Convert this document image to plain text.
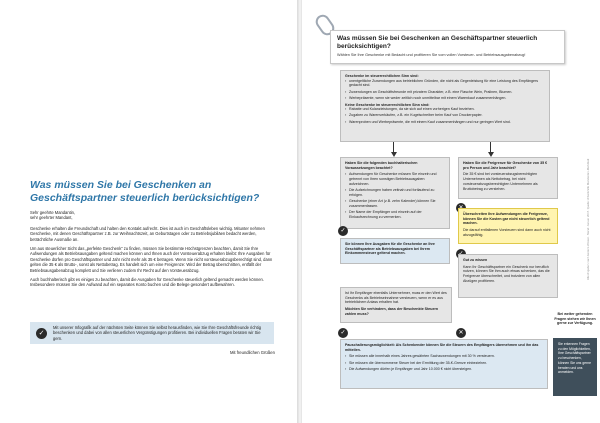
Was müssen Sie bei Geschenken an Geschäftspartner steuerlich berücksichtigen?

Sehr geehrte Mandantin,
sehr geehrter Mandant,

Geschenke erhalten die Freundschaft und halten den Kontakt aufrecht. Dies ist auch im Geschäftsleben wichtig. Mitunter nehmen Geschenke, mit denen Geschäftspartner z.B. zur Weihnachtszeit, an Geburtstagen oder zu Betriebsjubiläen bedacht werden, beträchtliche Ausmaße an.

Um aus steuerlicher Sicht das „perfekte Geschenk“ zu finden, müssen Sie bestimmte Höchstgrenzen beachten, damit Sie Ihre Aufwendungen als Betriebsausgaben geltend machen können und Ihnen auch der Vorsteuerabzug erhalten bleibt: Ihre Ausgaben für Geschenke dürfen pro Geschäftspartner und Jahr nicht mehr als 35 € betragen. Wenn Sie nicht vorsteuerabzugsberechtigt sind, dann gelten die 35 € als Brutto-, sonst als Nettobetrag. Es handelt sich um eine Freigrenze: Wird der Betrag überschritten, entfällt der Betriebsausgabenabzug komplett und Sie verlieren zudem Ihr Recht auf den Vorsteuerabzug.

Auch buchhalterisch gibt es einiges zu beachten, damit die Ausgaben für Geschenke steuerlich geltend gemacht werden können. Insbesondere müssen Sie den Aufwand auf ein separates Konto buchen und die Belege gesondert aufbewahren.

✓
Mit unserer Infografik auf der nächsten Seite können Sie selbst herausfinden, wie Sie Ihre Geschäftsfreunde richtig beschenken und dabei von allen steuerlichen Vergünstigungen profitieren. Bei individuellen Fragen beraten wir Sie gern.
Mit freundlichen Grüßen
Was müssen Sie bei Geschenken an Geschäftspartner steuerlich berücksichtigen?
Wählen Sie Ihre Geschenke mit Bedacht und profitieren Sie vom vollen Vorsteuer- und Betriebsausgabenabzug!
Geschenke im steuerrechtlichen Sinn sind:
▪ unentgeltliche Zuwendungen aus betrieblichen Gründen, die nicht als Gegenleistung für eine Leistung des Empfängers gedacht sind.
▪ Zuwendungen an Geschäftsfreunde mit privatem Charakter, z.B. eine Flasche Wein, Pralinen, Blumen.
▪ Werbepräsente, wenn sie weder zeitlich noch unmittelbar mit einem Warenkauf zusammenhängen.
Keine Geschenke im steuerrechtlichen Sinn sind:
▪ Rabatte und Kulanzleistungen, da sie sich auf einen vorherigen Kauf beziehen.
▪ Zugaben zu Warenverkäufen, z.B. ein Kugelschreiber beim Kauf von Druckerpapier.
▪ Warenproben und Werbepräsente, die mit einem Kauf zusammenhängen und nur geringen Wert sind.
Haben Sie die folgenden buchhalterischen Voraussetzungen beachtet?
▪ Aufwendungen für Geschenke müssen Sie einzeln und getrennt von Ihren sonstigen Betriebsausgaben aufzeichnen.
▪ Die Aufzeichnungen haben zeitnah und fortlaufend zu erfolgen.
▪ Geschenke (einer Art (z.B. zehn Kalender) können Sie zusammenfassen.
▪ Der Name der Empfänger und einzeln auf der Einkaufsrechnung zu vermerken.
Haben Sie die Freigrenze für Geschenke von 35 € pro Person und Jahr beachtet?
Die 35 € sind bei vorsteuerabzugsberechtigten Unternehmen als Nettobetrag, bei nicht vorsteuerabzugsberechtigten Unternehmen als Bruttobetrag zu verstehen.
✓
Sie können Ihre Ausgaben für die Geschenke an Ihre Geschäftspartner als Betriebsausgaben bei Ihrem Einkommensteuer geltend machen.
Überschreiten Ihre Aufwendungen die Freigrenze, können Sie die Kosten gar nicht steuerlich geltend machen.
Die darauf entfallenen Vorsteuern sind dann auch nicht abzugsfähig.
Gut zu wissen
Kann Ihr Geschäftspartner ein Geschenk nur beruflich nutzen, können Sie ihm auch etwas schenken, das die Freigrenze überschreitet, und trotzdem von allen Abzügen profitieren.
Ist Ihr Empfänger ebenfalls Unternehmer, muss er den Wert des Geschenks als Betriebseinnahme versteuern, wenn er es aus betrieblichem Anlass erhalten hat.
Möchten Sie verhindern, dass der Beschenkte Steuern zahlen muss?
✓	✕
Pauschalierungsmöglichkeit: Als Schenkender können Sie die Steuern des Empfängers übernehmen und ihn das mitteilen.
▪ Sie müssen alle innerhalb eines Jahres gewährten Sachzuwendungen mit 30 % versteuern.
▪ Sie müssen die übernommene Steuer bei der Ermittlung der 35-€-Grenze einbeziehen.
▪ Die Aufwendungen dürfen je Empfänger und Jahr 10.000 € nicht übersteigen.
Bei weiter gehenden Fragen stehen wir Ihnen gerne zur Verfügung.
Sie erkennen Fragen zu den Möglichkeiten, Ihre Geschäftspartner zu beschenken, können Sie uns gerne beraten und uns anmelden.
Alle Angaben nach bestem Wissen. Stand: Januar 2017. Quelle: Arbeitshilfe Mandanten-Merkblatt
